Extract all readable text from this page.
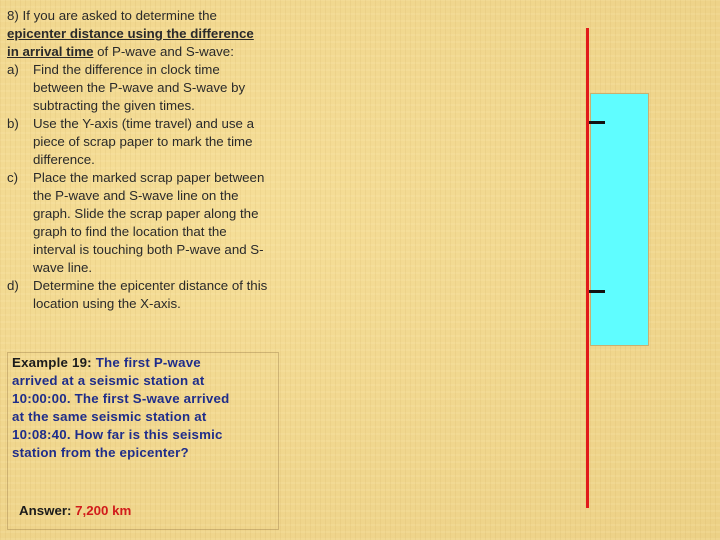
8) If you are asked to determine the epicenter distance using the difference in arrival time of P-wave and S-wave:

a) Find the difference in clock time between the P-wave and S-wave by subtracting the given times.
b) Use the Y-axis (time travel) and use a piece of scrap paper to mark the time difference.
c) Place the marked scrap paper between the P-wave and S-wave line on the graph. Slide the scrap paper along the graph to find the location that the interval is touching both P-wave and S-wave line.
d) Determine the epicenter distance of this location using the X-axis.
Example 19: The first P-wave arrived at a seismic station at 10:00:00. The first S-wave arrived at the same seismic station at 10:08:40. How far is this seismic station from the epicenter?
Answer: 7,200 km
